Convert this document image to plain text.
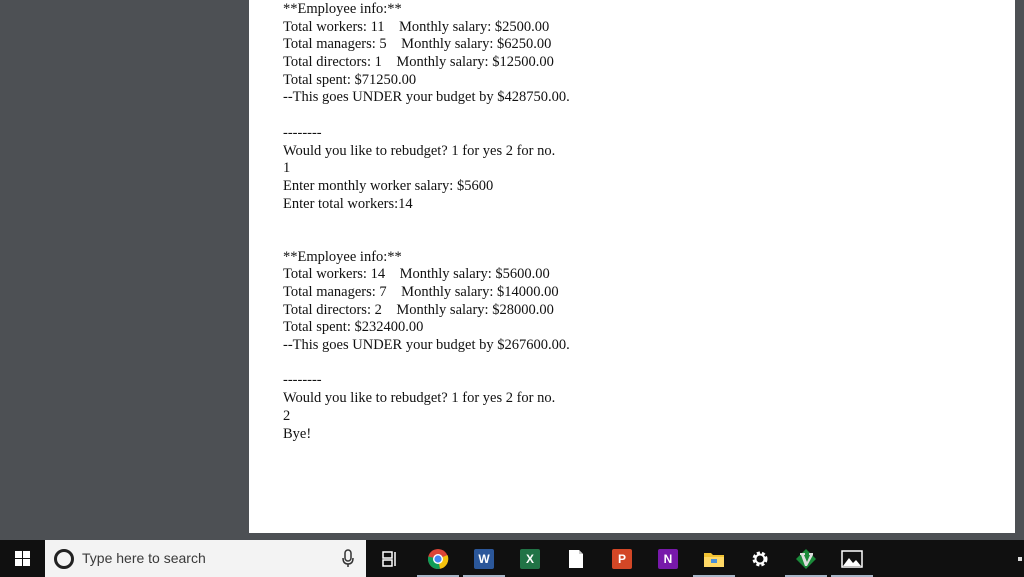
**Employee info:**
Total workers: 11    Monthly salary: $2500.00
Total managers: 5    Monthly salary: $6250.00
Total directors: 1    Monthly salary: $12500.00
Total spent: $71250.00
--This goes UNDER your budget by $428750.00.
--------
Would you like to rebudget? 1 for yes 2 for no.
1
Enter monthly worker salary: $5600
Enter total workers:14
**Employee info:**
Total workers: 14    Monthly salary: $5600.00
Total managers: 7    Monthly salary: $14000.00
Total directors: 2    Monthly salary: $28000.00
Total spent: $232400.00
--This goes UNDER your budget by $267600.00.
--------
Would you like to rebudget? 1 for yes 2 for no.
2
Bye!
Type here to search	W	X	P	N
